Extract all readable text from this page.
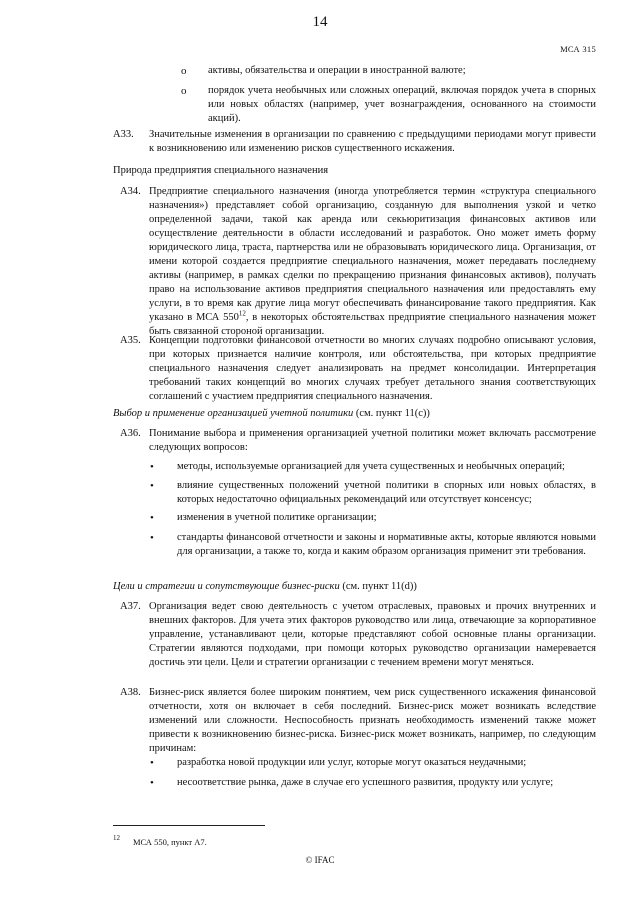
14
МСА 315
o активы, обязательства и операции в иностранной валюте;
o порядок учета необычных или сложных операций, включая порядок учета в спорных или новых областях (например, учет вознаграждения, основанного на стоимости акций).
A33. Значительные изменения в организации по сравнению с предыдущими периодами могут привести к возникновению или изменению рисков существенного искажения.
Природа предприятия специального назначения
A34. Предприятие специального назначения (иногда употребляется термин «структура специального назначения») представляет собой организацию, созданную для выполнения узкой и четко определенной задачи, такой как аренда или секьюритизация финансовых активов или осуществление деятельности в области исследований и разработок. Оно может иметь форму юридического лица, траста, партнерства или не образовывать юридического лица. Организация, от имени которой создается предприятие специального назначения, может передавать последнему активы (например, в рамках сделки по прекращению признания финансовых активов), получать право на использование активов предприятия специального назначения или предоставлять ему услуги, в то время как другие лица могут обеспечивать финансирование такого предприятия. Как указано в МСА $550^{12}$, в некоторых обстоятельствах предприятие специального назначения может быть связанной стороной организации.
A35. Концепции подготовки финансовой отчетности во многих случаях подробно описывают условия, при которых признается наличие контроля, или обстоятельства, при которых предприятие специального назначения следует анализировать на предмет консолидации. Интерпретация требований таких концепций во многих случаях требует детального знания соответствующих соглашений с участием предприятия специального назначения.
Выбор и применение организацией учетной политики (см. пункт 11(c))
A36. Понимание выбора и применения организацией учетной политики может включать рассмотрение следующих вопросов:
• методы, используемые организацией для учета существенных и необычных операций;
• влияние существенных положений учетной политики в спорных или новых областях, в которых недостаточно официальных рекомендаций или отсутствует консенсус;
• изменения в учетной политике организации;
• стандарты финансовой отчетности и законы и нормативные акты, которые являются новыми для организации, а также то, когда и каким образом организация применит эти требования.
Цели и стратегии и сопутствующие бизнес-риски (см. пункт 11(d))
A37. Организация ведет свою деятельность с учетом отраслевых, правовых и прочих внутренних и внешних факторов. Для учета этих факторов руководство или лица, отвечающие за корпоративное управление, устанавливают цели, которые представляют собой основные планы организации. Стратегии являются подходами, при помощи которых руководство организации намеревается достичь эти цели. Цели и стратегии организации с течением времени могут меняться.
A38. Бизнес-риск является более широким понятием, чем риск существенного искажения финансовой отчетности, хотя он включает в себя последний. Бизнес-риск может возникать вследствие изменений или сложности. Неспособность признать необходимость изменений также может привести к возникновению бизнес-риска. Бизнес-риск может возникать, например, по следующим причинам:
• разработка новой продукции или услуг, которые могут оказаться неудачными;
• несоответствие рынка, даже в случае его успешного развития, продукту или услуге;
12 МСА 550, пункт A7.
© IFAC
